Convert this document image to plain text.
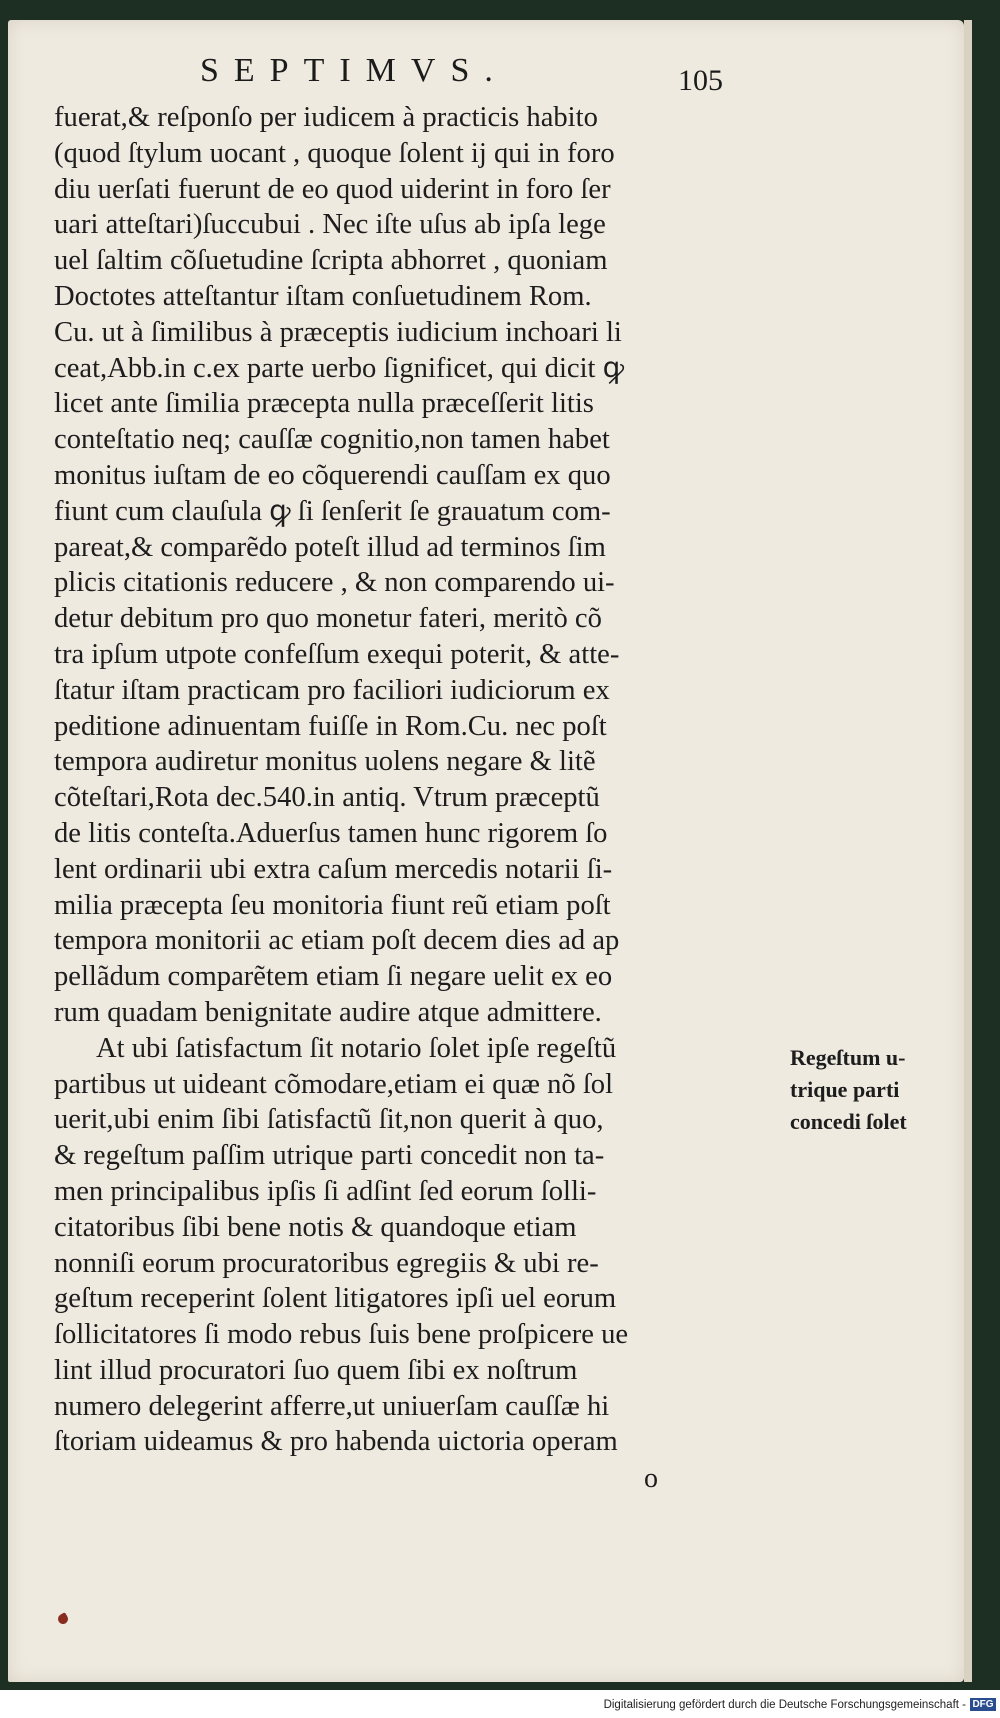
SEPTIMVS.	105
fuerat,& reſponſo per iudicem à practicis habito
(quod ſtylum uocant , quoque ſolent ij qui in foro
diu uerſati fuerunt de eo quod uiderint in foro ſer
uari atteſtari)ſuccubui . Nec iſte uſus ab ipſa lege
uel ſaltim cõſuetudine ſcripta abhorret , quoniam
Doctotes atteſtantur iſtam conſuetudinem Rom.
Cu. ut à ſimilibus à præceptis iudicium inchoari li
ceat,Abb.in c.ex parte uerbo ſignificet, qui dicit ꝙ
licet ante ſimilia præcepta nulla præceſſerit litis
conteſtatio neq; cauſſæ cognitio,non tamen habet
monitus iuſtam de eo cõquerendi cauſſam ex quo
fiunt cum clauſula ꝙ ſi ſenſerit ſe grauatum com-
pareat,& comparẽdo poteſt illud ad terminos ſim
plicis citationis reducere , & non comparendo ui-
detur debitum pro quo monetur fateri, meritò cõ
tra ipſum utpote confeſſum exequi poterit, & atte-
ſtatur iſtam practicam pro faciliori iudiciorum ex
peditione adinuentam fuiſſe in Rom.Cu. nec poſt
tempora audiretur monitus uolens negare & litẽ
cõteſtari,Rota dec.540.in antiq. Vtrum præceptũ
de litis conteſta.Aduerſus tamen hunc rigorem ſo
lent ordinarii ubi extra caſum mercedis notarii ſi-
milia præcepta ſeu monitoria fiunt reũ etiam poſt
tempora monitorii ac etiam poſt decem dies ad ap
pellãdum comparẽtem etiam ſi negare uelit ex eo
rum quadam benignitate audire atque admittere.
At ubi ſatisfactum ſit notario ſolet ipſe regeſtũ
partibus ut uideant cõmodare,etiam ei quæ nõ ſol
uerit,ubi enim ſibi ſatisfactũ ſit,non querit à quo,
& regeſtum paſſim utrique parti concedit non ta-
men principalibus ipſis ſi adſint ſed eorum ſolli-
citatoribus ſibi bene notis & quandoque etiam
nonniſi eorum procuratoribus egregiis & ubi re-
geſtum receperint ſolent litigatores ipſi uel eorum
ſollicitatores ſi modo rebus ſuis bene proſpicere ue
lint illud procuratori ſuo quem ſibi ex noſtrum
numero delegerint afferre,ut uniuerſam cauſſæ hi
ſtoriam uideamus & pro habenda uictoria operam
Regeſtum u-
trique parti
concedi ſolet
o
Digitalisierung gefördert durch die Deutsche Forschungsgemeinschaft - DFG
